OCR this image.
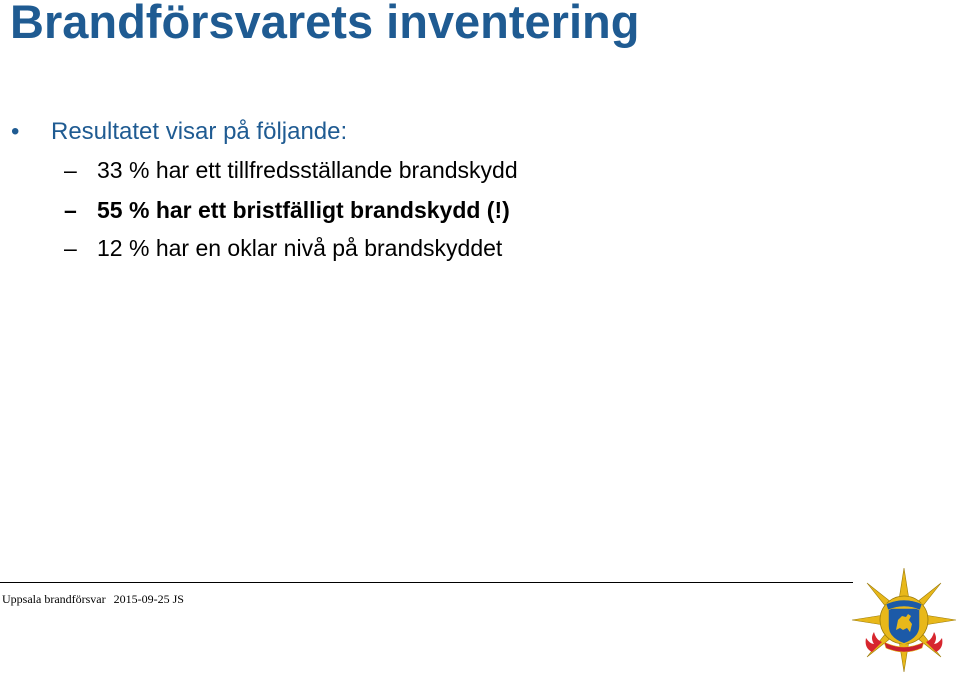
Brandförsvarets inventering
• Resultatet visar på följande:
– 33 % har ett tillfredsställande brandskydd
– 55 % har ett bristfälligt brandskydd (!)
– 12 % har en oklar nivå på brandskyddet
Uppsala brandförsvar 2015-09-25 JS
